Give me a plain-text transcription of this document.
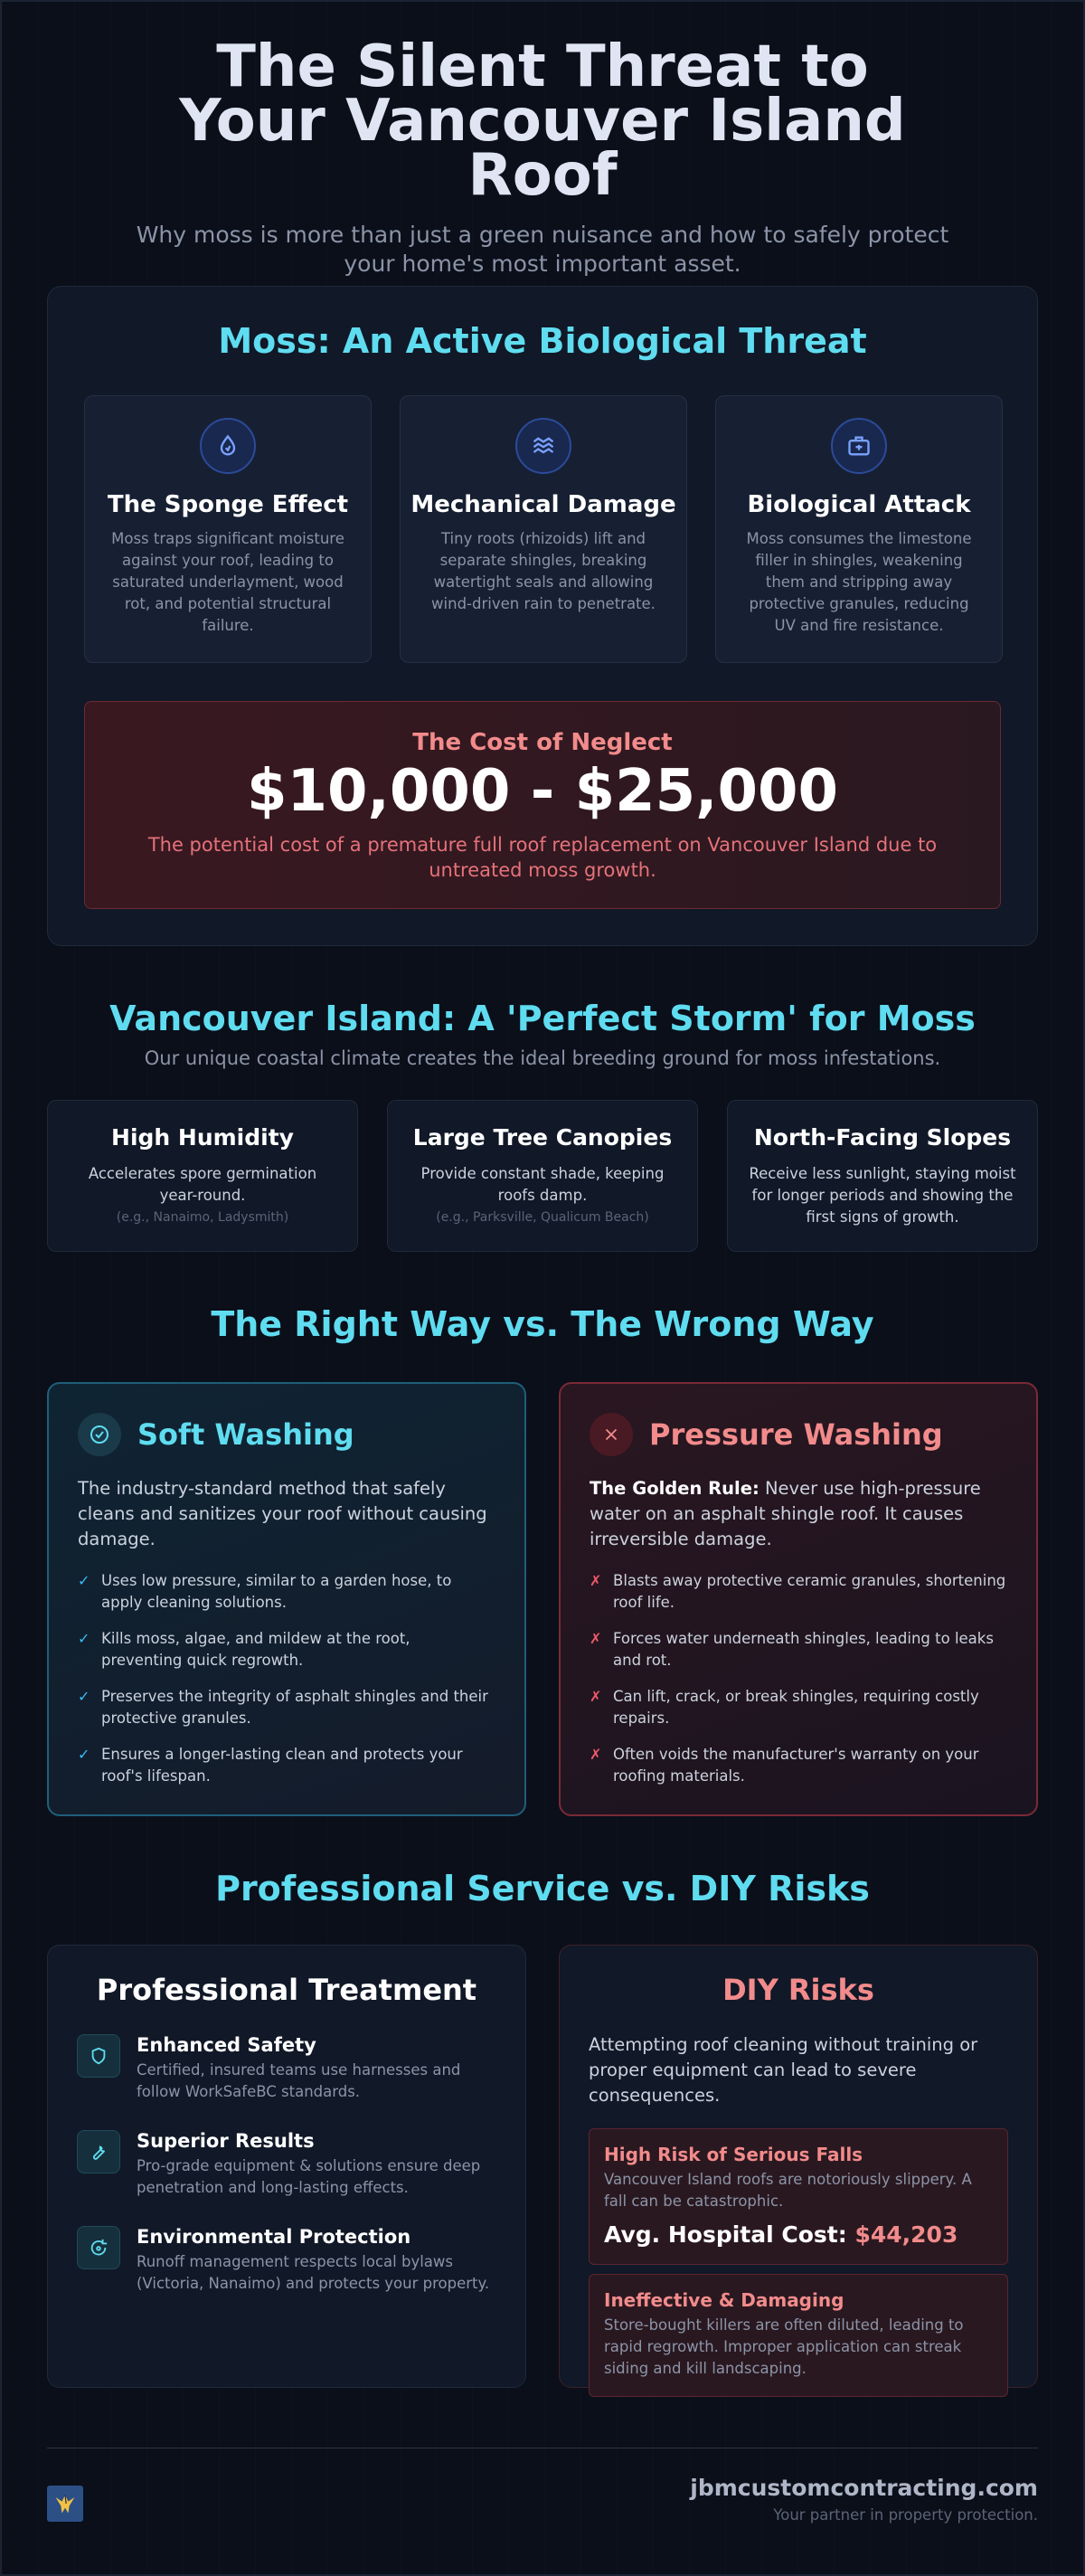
The Silent Threat to Your Vancouver Island Roof

Why moss is more than just a green nuisance and how to safely protect your home's most important asset.

Moss: An Active Biological Threat
The Sponge Effect

Moss traps significant moisture against your roof, leading to saturated underlayment, wood rot, and potential structural failure.

Mechanical Damage

Tiny roots (rhizoids) lift and separate shingles, breaking watertight seals and allowing wind-driven rain to penetrate.

Biological Attack

Moss consumes the limestone filler in shingles, weakening them and stripping away protective granules, reducing UV and fire resistance.

The Cost of Neglect
$10,000 - $25,000
The potential cost of a premature full roof replacement on Vancouver Island due to untreated moss growth.
Vancouver Island: A 'Perfect Storm' for Moss

Our unique coastal climate creates the ideal breeding ground for moss infestations.

High Humidity

Accelerates spore germination year-round.

(e.g., Nanaimo, Ladysmith)

Large Tree Canopies

Provide constant shade, keeping roofs damp.

(e.g., Parksville, Qualicum Beach)

North-Facing Slopes

Receive less sunlight, staying moist for longer periods and showing the first signs of growth.

The Right Way vs. The Wrong Way
Soft Washing

The industry-standard method that safely cleans and sanitizes your roof without causing damage.

✓ Uses low pressure, similar to a garden hose, to apply cleaning solutions.
✓ Kills moss, algae, and mildew at the root, preventing quick regrowth.
✓ Preserves the integrity of asphalt shingles and their protective granules.
✓ Ensures a longer-lasting clean and protects your roof's lifespan.
Pressure Washing

The Golden Rule: Never use high-pressure water on an asphalt shingle roof. It causes irreversible damage.

✗ Blasts away protective ceramic granules, shortening roof life.
✗ Forces water underneath shingles, leading to leaks and rot.
✗ Can lift, crack, or break shingles, requiring costly repairs.
✗ Often voids the manufacturer's warranty on your roofing materials.
Professional Service vs. DIY Risks
Professional Treatment
Enhanced Safety

Certified, insured teams use harnesses and follow WorkSafeBC standards.

Superior Results

Pro-grade equipment & solutions ensure deep penetration and long-lasting effects.

Environmental Protection

Runoff management respects local bylaws (Victoria, Nanaimo) and protects your property.

DIY Risks

Attempting roof cleaning without training or proper equipment can lead to severe consequences.

High Risk of Serious Falls

Vancouver Island roofs are notoriously slippery. A fall can be catastrophic.

Avg. Hospital Cost: $44,203
Ineffective & Damaging

Store-bought killers are often diluted, leading to rapid regrowth. Improper application can streak siding and kill landscaping.

jbmcustomcontracting.com
Your partner in property protection.
